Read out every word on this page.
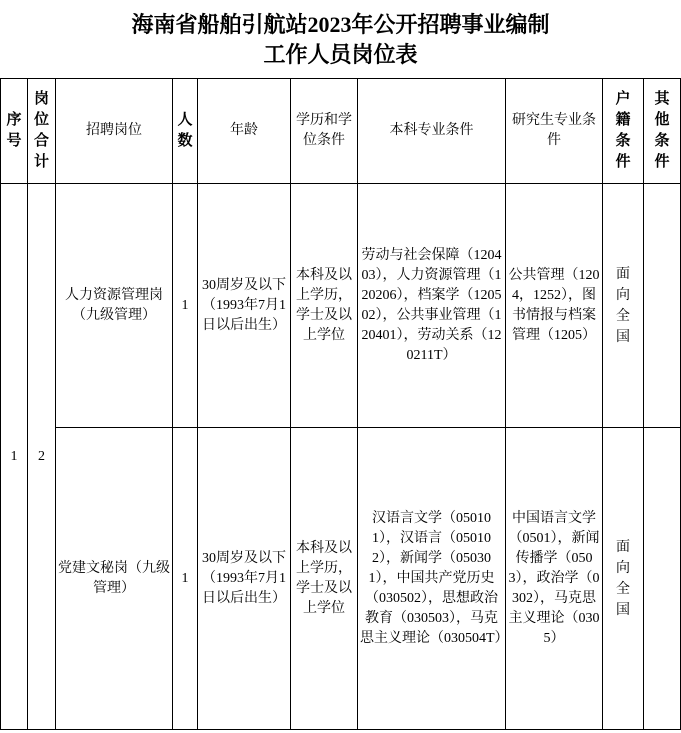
海南省船舶引航站2023年公开招聘事业编制
工作人员岗位表
序号	岗位合计	招聘岗位	人数	年龄	学历和学位条件	本科专业条件	研究生专业条件	户籍条件	其他条件

1	2	人力资源管理岗（九级管理）	1	30周岁及以下（1993年7月1日以后出生）	本科及以上学历，学士及以上学位	劳动与社会保障（120403），人力资源管理（120206），档案学（120502），公共事业管理（120401），劳动关系（120211T）	公共管理（1204，1252），图书情报与档案管理（1205）	面向全国	

		党建文秘岗（九级管理）	1	30周岁及以下（1993年7月1日以后出生）	本科及以上学历，学士及以上学位	汉语言文学（050101），汉语言（050102），新闻学（050301），中国共产党历史（030502），思想政治教育（030503），马克思主义理论（030504T）	中国语言文学（0501），新闻传播学（0503），政治学（0302），马克思主义理论（0305）	面向全国	
